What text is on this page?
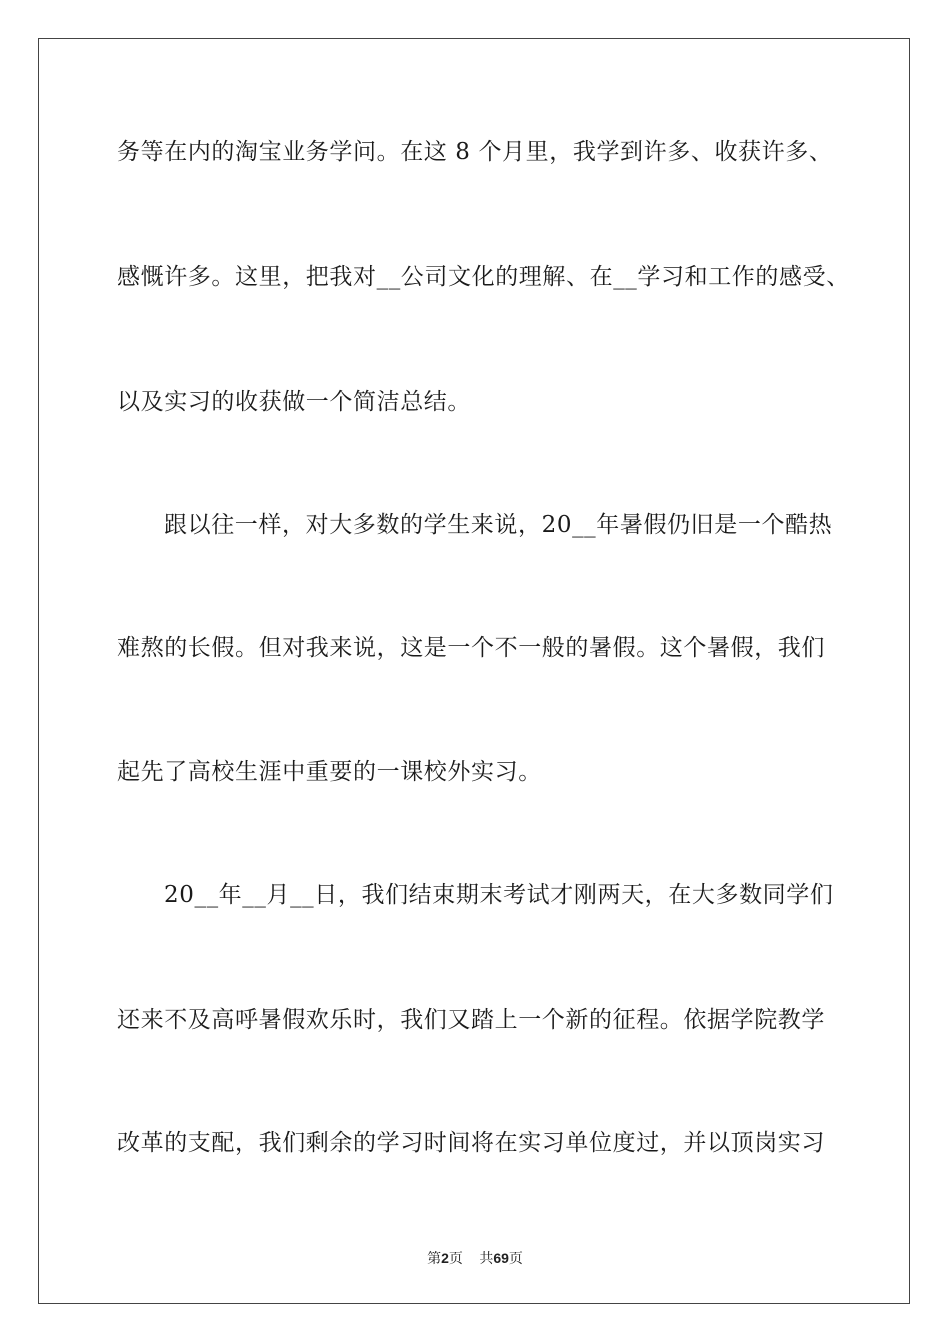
务等在内的淘宝业务学问。在这 8 个月里，我学到许多、收获许多、
感慨许多。这里，把我对__公司文化的理解、在__学习和工作的感受、
以及实习的收获做一个简洁总结。
跟以往一样，对大多数的学生来说，20__年暑假仍旧是一个酷热
难熬的长假。但对我来说，这是一个不一般的暑假。这个暑假，我们
起先了高校生涯中重要的一课校外实习。
20__年__月__日，我们结束期末考试才刚两天，在大多数同学们
还来不及高呼暑假欢乐时，我们又踏上一个新的征程。依据学院教学
改革的支配，我们剩余的学习时间将在实习单位度过，并以顶岗实习
第2页 共69页
